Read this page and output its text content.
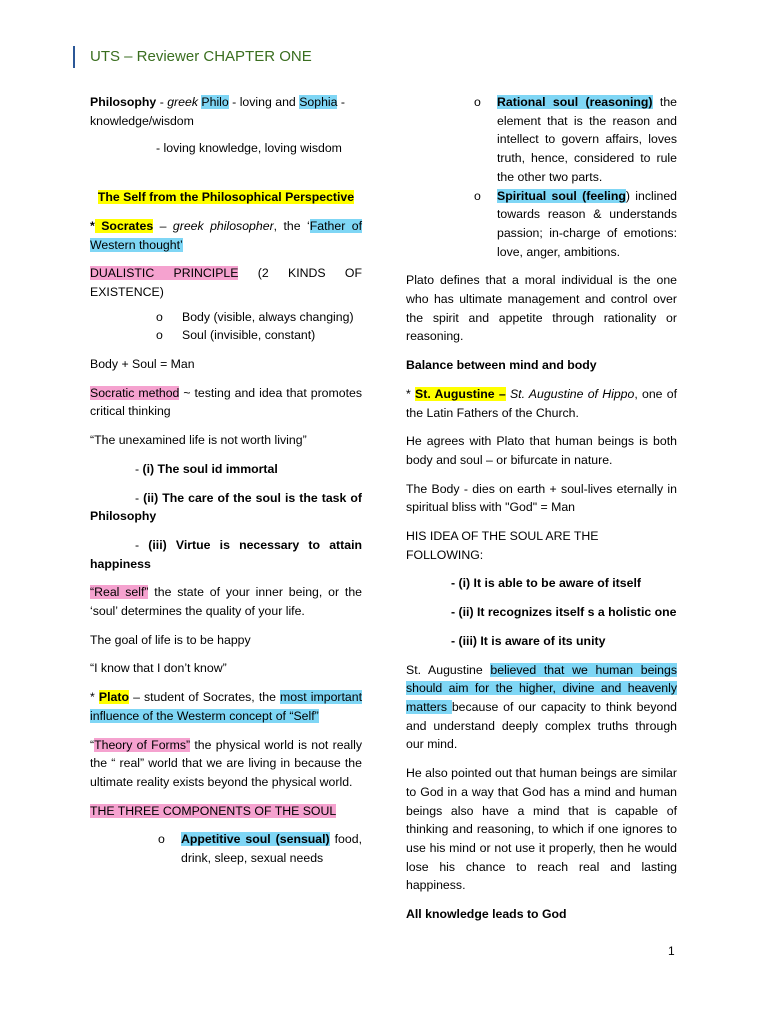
UTS – Reviewer CHAPTER ONE

Philosophy - greek Philo - loving and Sophia - knowledge/wisdom

- loving knowledge, loving wisdom

The Self from the Philosophical Perspective

* Socrates – greek philosopher, the ‘Father of Western thought’

DUALISTIC PRINCIPLE (2 KINDS OF EXISTENCE)

o	Body (visible, always changing)
o	Soul (invisible, constant)

Body + Soul = Man

Socratic method ~ testing and idea that promotes critical thinking

“The unexamined life is not worth living”

- (i) The soul id immortal

- (ii) The care of the soul is the task of Philosophy

- (iii) Virtue is necessary to attain happiness

“Real self” the state of your inner being, or the ‘soul’ determines the quality of your life.

The goal of life is to be happy

“I know that I don’t know”

* Plato – student of Socrates, the most important influence of the Westerm concept of “Self”

“Theory of Forms” the physical world is not really the “ real” world that we are living in because the ultimate reality exists beyond the physical world.

THE THREE COMPONENTS OF THE SOUL

o	Appetitive soul (sensual) food, drink, sleep, sexual needs
o	Rational soul (reasoning) the element that is the reason and intellect to govern affairs, loves truth, hence, considered to rule the other two parts.
o	Spiritual soul (feeling) inclined towards reason & understands passion; in-charge of emotions: love, anger, ambitions.

Plato defines that a moral individual is the one who has ultimate management and control over the spirit and appetite through rationality or reasoning.

Balance between mind and body

* St. Augustine – St. Augustine of Hippo, one of the Latin Fathers of the Church.

He agrees with Plato that human beings is both body and soul – or bifurcate in nature.

The Body - dies on earth + soul-lives eternally in spiritual bliss with "God" = Man

HIS IDEA OF THE SOUL ARE THE FOLLOWING:

- (i) It is able to be aware of itself

- (ii) It recognizes itself s a holistic one

- (iii) It is aware of its unity

St. Augustine believed that we human beings should aim for the higher, divine and heavenly matters because of our capacity to think beyond and understand deeply complex truths through our mind.

He also pointed out that human beings are similar to God in a way that God has a mind and human beings also have a mind that is capable of thinking and reasoning, to which if one ignores to use his mind or not use it properly, then he would lose his chance to reach real and lasting happiness.

All knowledge leads to God

1
